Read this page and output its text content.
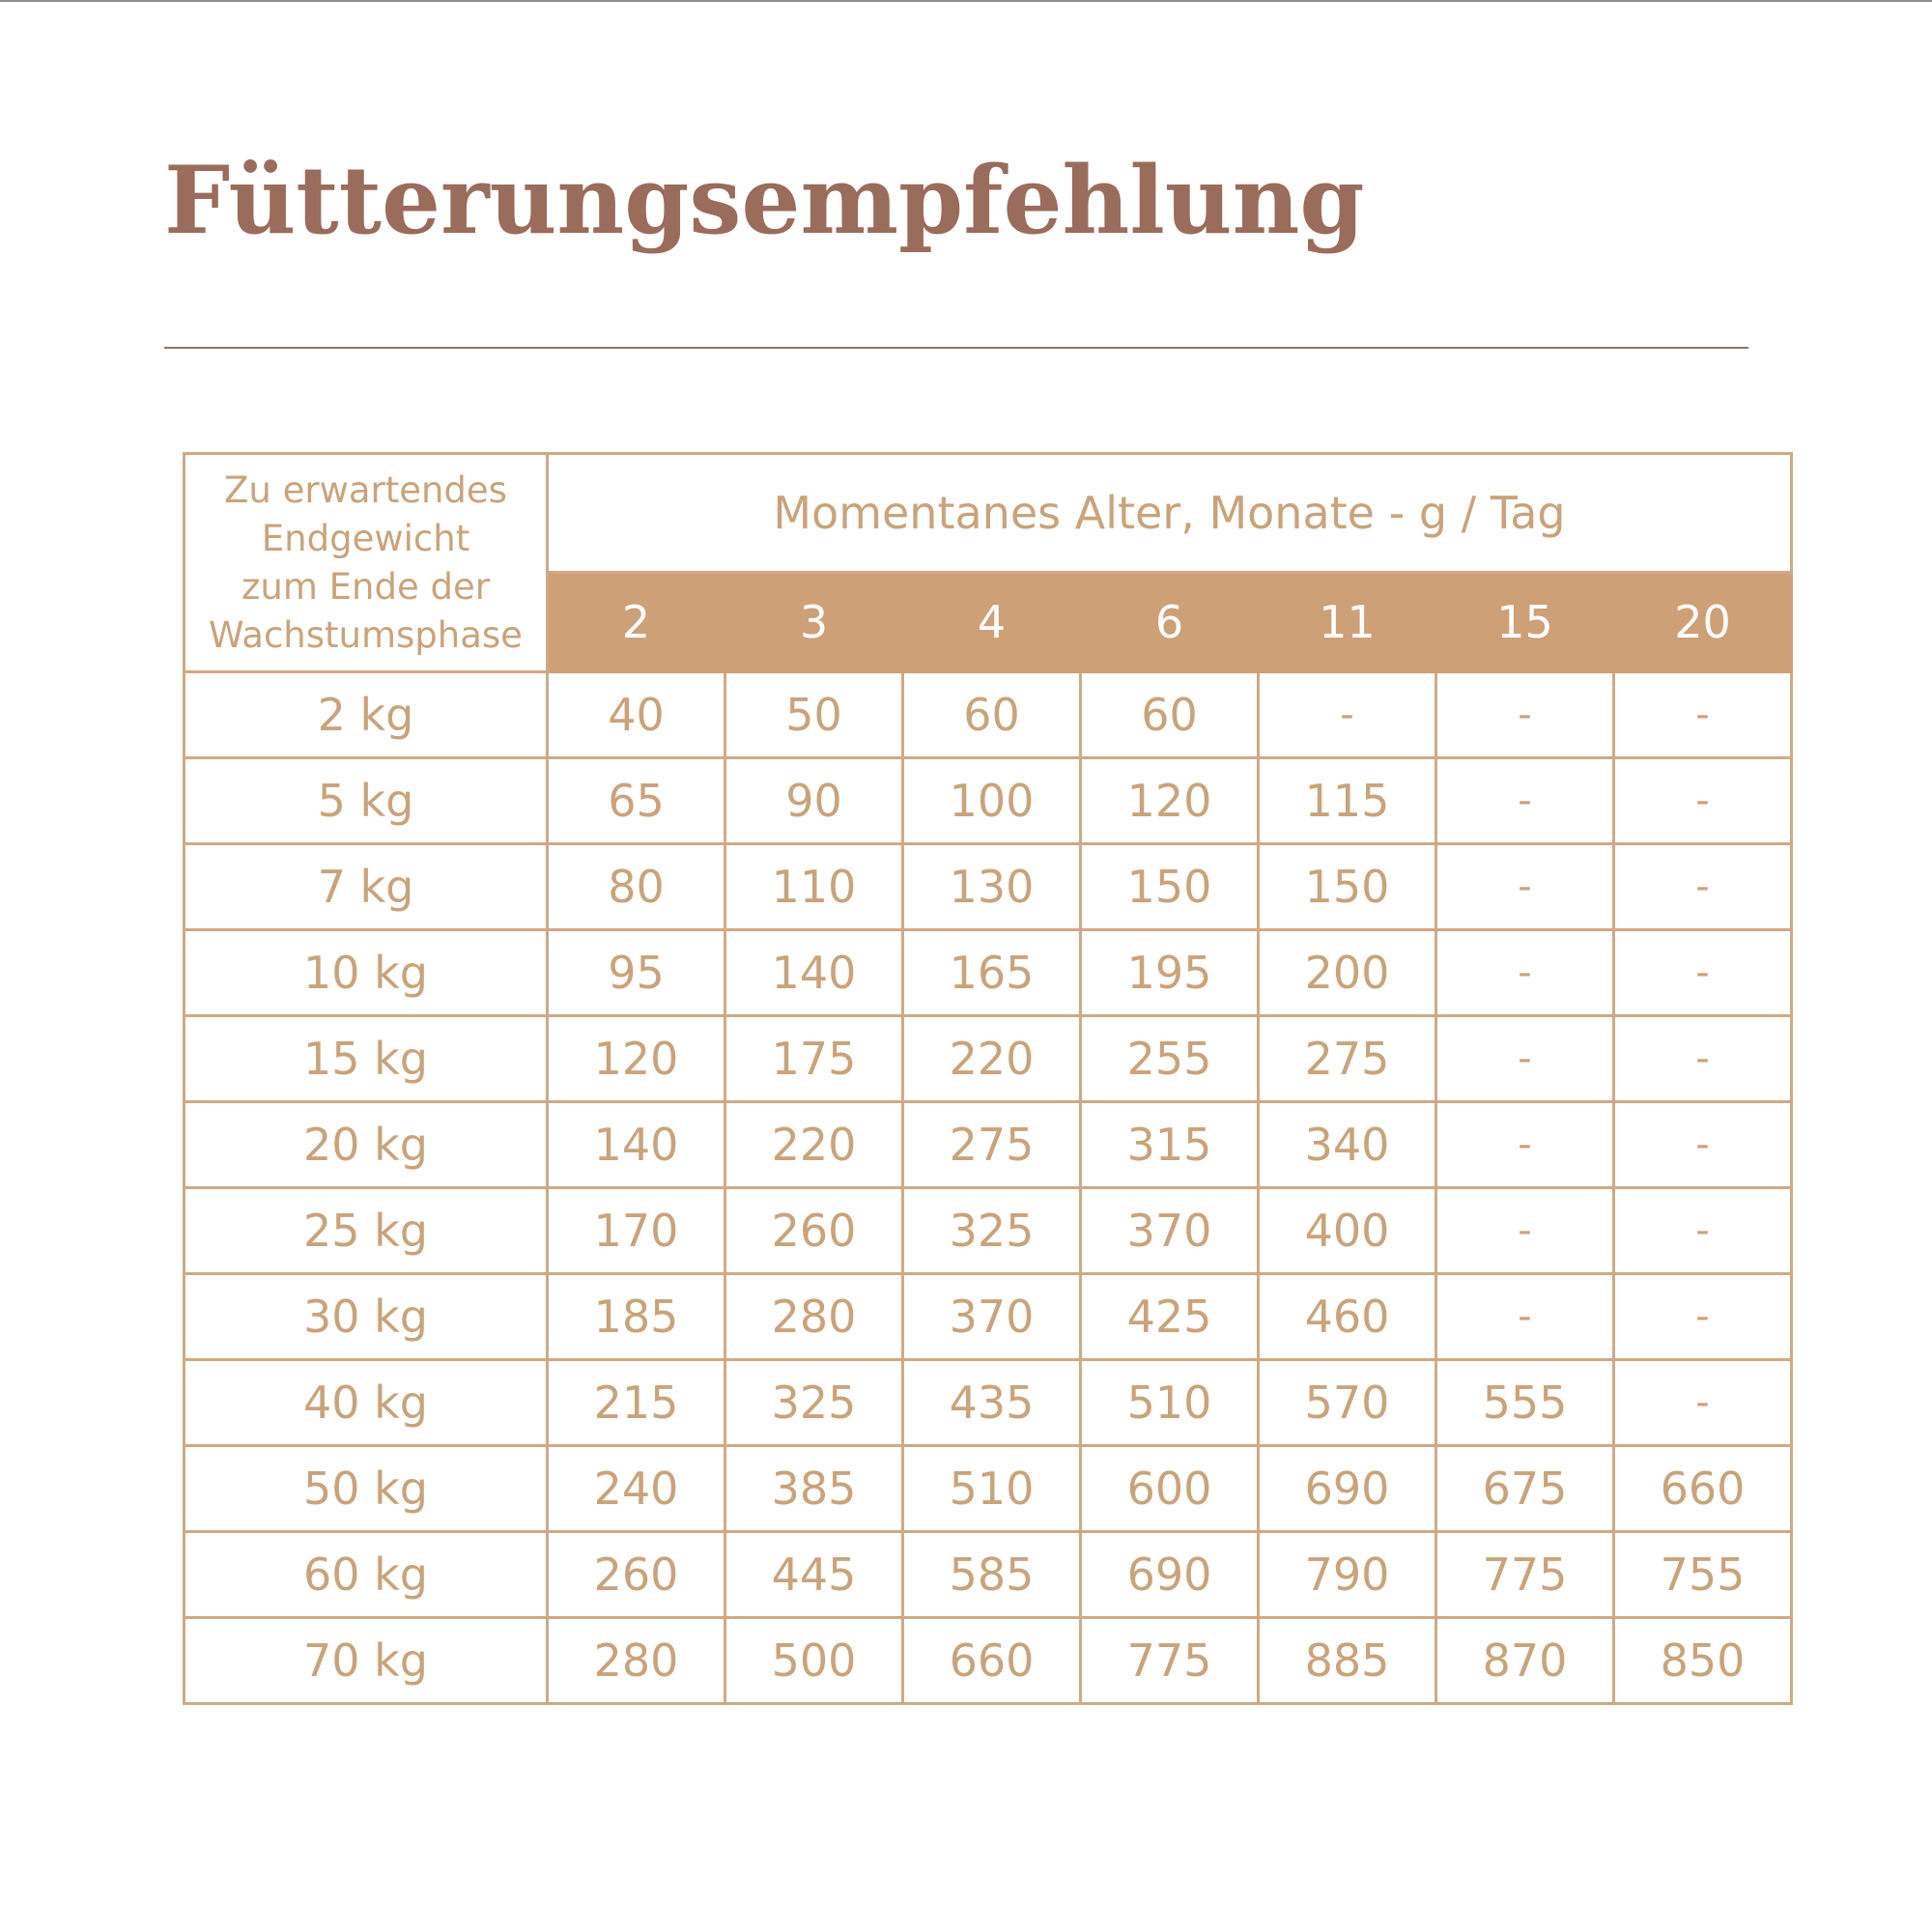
Fütterungsempfehlung
Zu erwartendes
Endgewicht
zum Ende der
Wachstumsphase	Momentanes Alter, Monate - g / Tag						
	2	3	4	6	11	15	20
2 kg	40	50	60	60	-	-	-
5 kg	65	90	100	120	115	-	-
7 kg	80	110	130	150	150	-	-
10 kg	95	140	165	195	200	-	-
15 kg	120	175	220	255	275	-	-
20 kg	140	220	275	315	340	-	-
25 kg	170	260	325	370	400	-	-
30 kg	185	280	370	425	460	-	-
40 kg	215	325	435	510	570	555	-
50 kg	240	385	510	600	690	675	660
60 kg	260	445	585	690	790	775	755
70 kg	280	500	660	775	885	870	850
